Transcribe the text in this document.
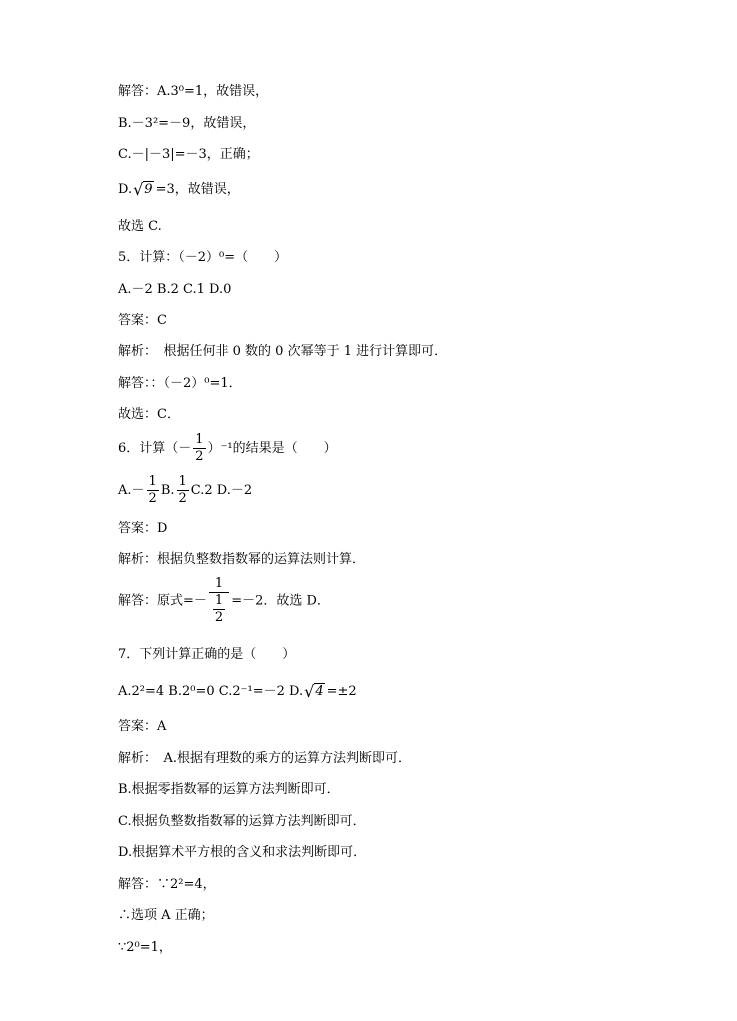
解答：A.3⁰=1，故错误，
B.－3²=－9，故错误，
C.－|－3|=－3，正确；
D.√9 =3，故错误，
故选 C.
5．计算：（－2）⁰=（　　）
A.－2 B.2 C.1 D.0
答案：C
解析：　根据任何非 0 数的 0 次幂等于 1 进行计算即可．
解答：：（－2）⁰=1．
故选：C．
6．计算（－ $\frac{1}{2} )^{-1}$的结果是（　　）
$A.- \frac{1}{2} B$. $\frac{1}{2} C.2$ D.－2
答案：D
解析：根据负整数指数幂的运算法则计算．
解答：原式=－ $\frac{1}{\frac{1}{2}} =-2$．故选 D．
7．下列计算正确的是（　　）
A.2²=4 B.2⁰=0 C.2⁻¹=－2 D.√4 =±2
答案：A
解析：　A.根据有理数的乘方的运算方法判断即可．
B.根据零指数幂的运算方法判断即可．
C.根据负整数指数幂的运算方法判断即可．
D.根据算术平方根的含义和求法判断即可．
解答：∵2²=4，
∴选项 A 正确；
∵2⁰=1，
